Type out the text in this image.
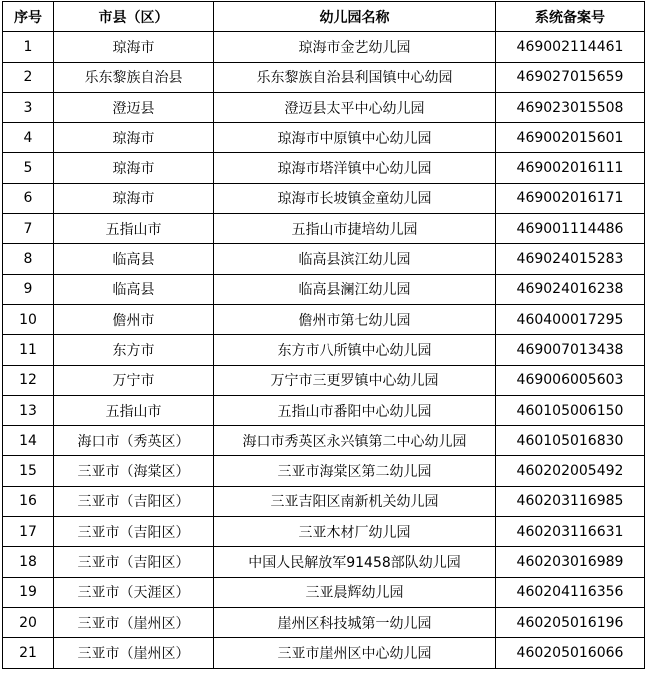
序号	市县（区）	幼儿园名称	系统备案号
1	琼海市	琼海市金艺幼儿园	469002114461
2	乐东黎族自治县	乐东黎族自治县利国镇中心幼园	469027015659
3	澄迈县	澄迈县太平中心幼儿园	469023015508
4	琼海市	琼海市中原镇中心幼儿园	469002015601
5	琼海市	琼海市塔洋镇中心幼儿园	469002016111
6	琼海市	琼海市长坡镇金童幼儿园	469002016171
7	五指山市	五指山市捷培幼儿园	469001114486
8	临高县	临高县滨江幼儿园	469024015283
9	临高县	临高县澜江幼儿园	469024016238
10	儋州市	儋州市第七幼儿园	460400017295
11	东方市	东方市八所镇中心幼儿园	469007013438
12	万宁市	万宁市三更罗镇中心幼儿园	469006005603
13	五指山市	五指山市番阳中心幼儿园	460105006150
14	海口市（秀英区）	海口市秀英区永兴镇第二中心幼儿园	460105016830
15	三亚市（海棠区）	三亚市海棠区第二幼儿园	460202005492
16	三亚市（吉阳区）	三亚吉阳区南新机关幼儿园	460203116985
17	三亚市（吉阳区）	三亚木材厂幼儿园	460203116631
18	三亚市（吉阳区）	中国人民解放军91458部队幼儿园	460203016989
19	三亚市（天涯区）	三亚晨辉幼儿园	460204116356
20	三亚市（崖州区）	崖州区科技城第一幼儿园	460205016196
21	三亚市（崖州区）	三亚市崖州区中心幼儿园	460205016066
